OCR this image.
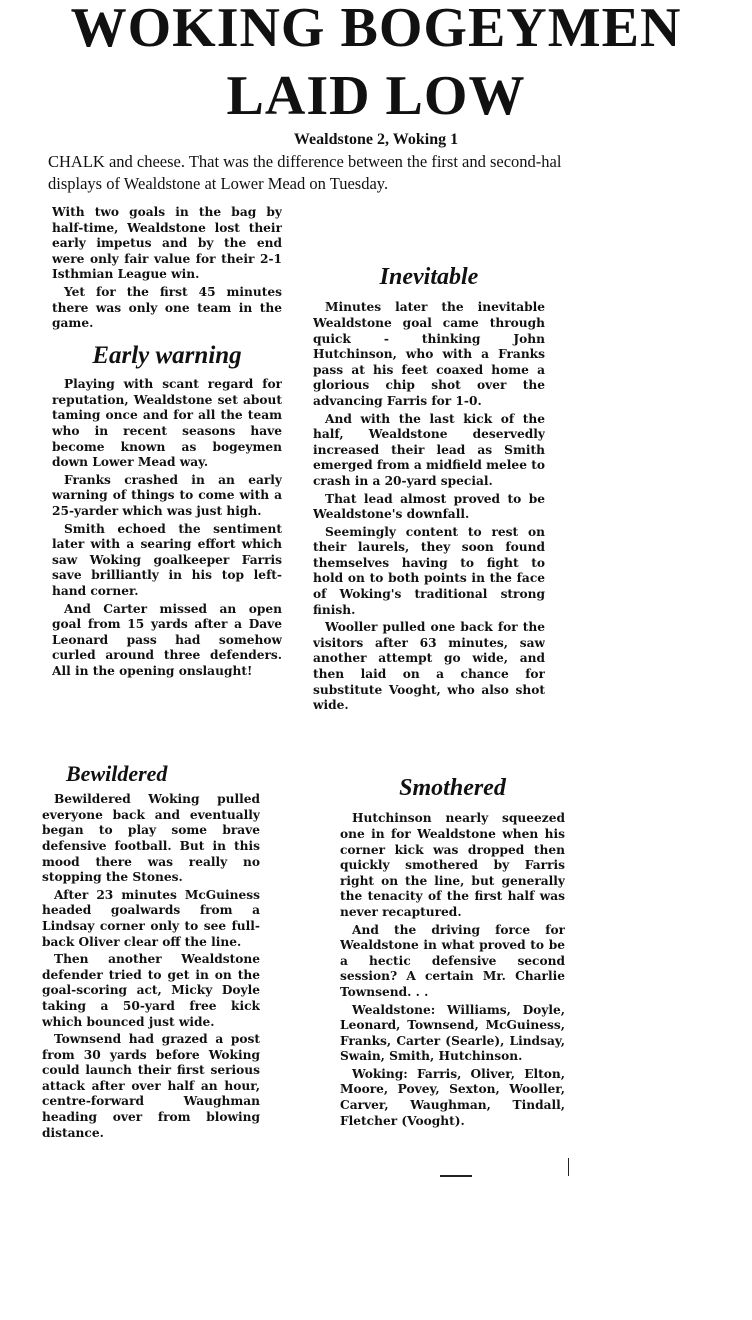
WOKING BOGEYMEN
LAID LOW
Wealdstone 2, Woking 1
CHALK and cheese. That was the difference between the first and second-hal
displays of Wealdstone at Lower Mead on Tuesday.

With two goals in the bag by half-time, Wealdstone lost their early impetus and by the end were only fair value for their 2-1 Isthmian League win.

Yet for the first 45 minutes there was only one team in the game.

Early warning

Playing with scant regard for reputation, Wealdstone set about taming once and for all the team who in recent seasons have become known as bogeymen down Lower Mead way.

Franks crashed in an early warning of things to come with a 25-yarder which was just high.

Smith echoed the sentiment later with a searing effort which saw Woking goalkeeper Farris save brilliantly in his top left-hand corner.

And Carter missed an open goal from 15 yards after a Dave Leonard pass had somehow curled around three defenders. All in the opening onslaught!

Inevitable

Minutes later the inevitable Wealdstone goal came through quick - thinking John Hutchinson, who with a Franks pass at his feet coaxed home a glorious chip shot over the advancing Farris for 1-0.

And with the last kick of the half, Wealdstone deservedly increased their lead as Smith emerged from a midfield melee to crash in a 20-yard special.

That lead almost proved to be Wealdstone's downfall.

Seemingly content to rest on their laurels, they soon found themselves having to fight to hold on to both points in the face of Woking's traditional strong finish.

Wooller pulled one back for the visitors after 63 minutes, saw another attempt go wide, and then laid on a chance for substitute Vooght, who also shot wide.

Bewildered

Bewildered Woking pulled everyone back and eventually began to play some brave defensive football. But in this mood there was really no stopping the Stones.

After 23 minutes McGuiness headed goalwards from a Lindsay corner only to see full-back Oliver clear off the line.

Then another Wealdstone defender tried to get in on the goal-scoring act, Micky Doyle taking a 50-yard free kick which bounced just wide.

Townsend had grazed a post from 30 yards before Woking could launch their first serious attack after over half an hour, centre-forward Waughman heading over from blowing distance.

Smothered

Hutchinson nearly squeezed one in for Wealdstone when his corner kick was dropped then quickly smothered by Farris right on the line, but generally the tenacity of the first half was never recaptured.

And the driving force for Wealdstone in what proved to be a hectic defensive second session? A certain Mr. Charlie Townsend. . .

Wealdstone: Williams, Doyle, Leonard, Townsend, McGuiness, Franks, Carter (Searle), Lindsay, Swain, Smith, Hutchinson.

Woking: Farris, Oliver, Elton, Moore, Povey, Sexton, Wooller, Carver, Waughman, Tindall, Fletcher (Vooght).
